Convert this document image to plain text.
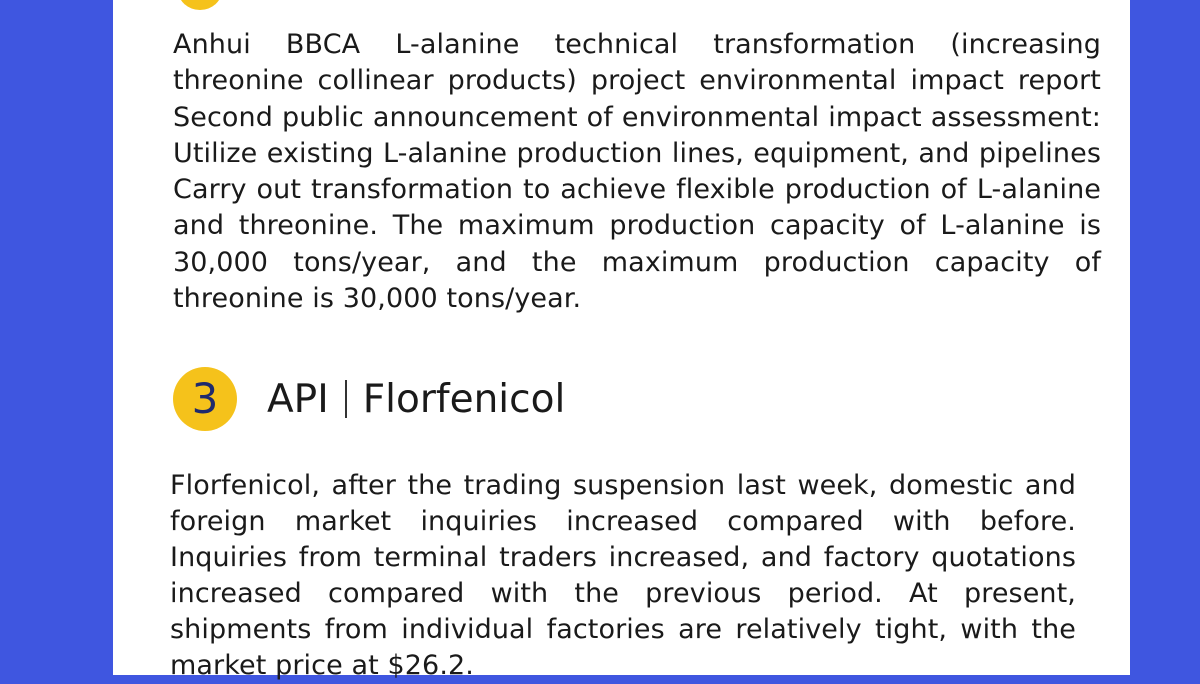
Anhui BBCA L-alanine technical transformation (increasing threonine collinear products) project environmental impact report Second public announcement of environmental impact assessment: Utilize existing L-alanine production lines, equipment, and pipelines Carry out transformation to achieve flexible production of L-alanine and threonine. The maximum production capacity of L-alanine is 30,000 tons/year, and the maximum production capacity of threonine is 30,000 tons/year.

3	API Florfenicol

Florfenicol, after the trading suspension last week, domestic and foreign market inquiries increased compared with before. Inquiries from terminal traders increased, and factory quotations increased compared with the previous period. At present, shipments from individual factories are relatively tight, with the market price at $26.2.
